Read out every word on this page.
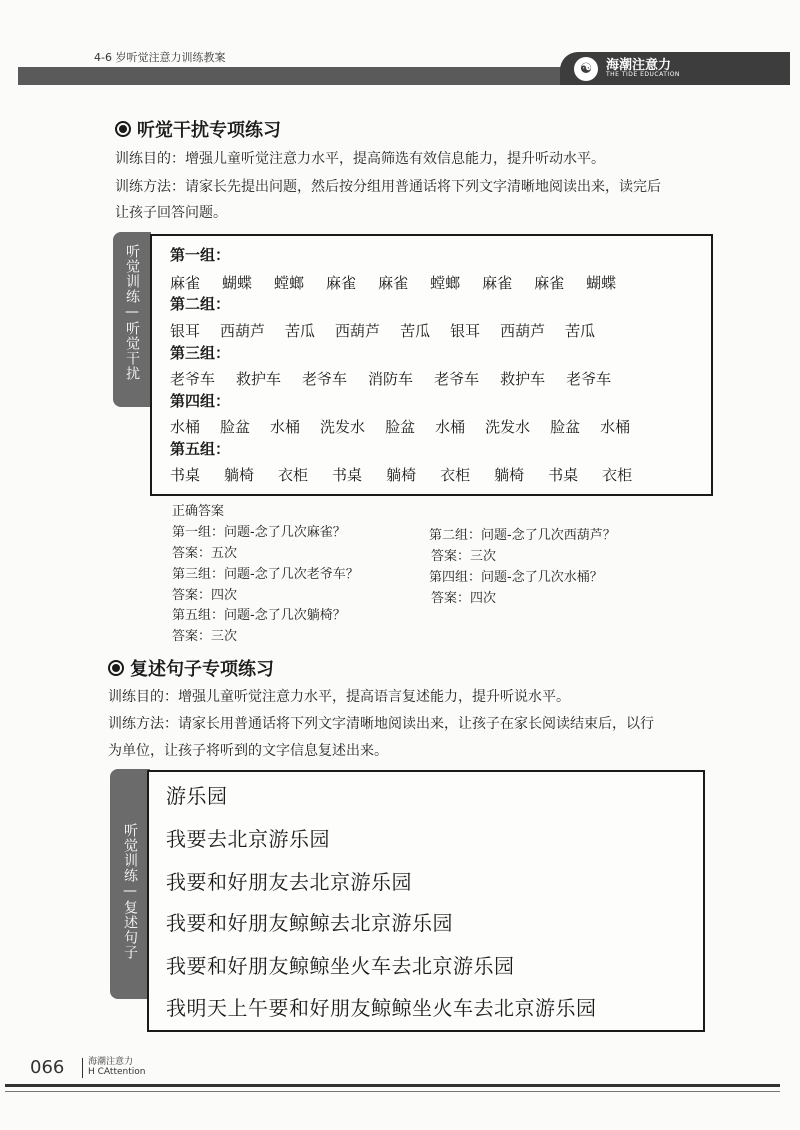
4-6 岁听觉注意力训练教案
☯	海潮注意力
THE TIDE EDUCATION
听觉干扰专项练习
训练目的：增强儿童听觉注意力水平，提高筛选有效信息能力，提升听动水平。
训练方法：请家长先提出问题，然后按分组用普通话将下列文字清晰地阅读出来，读完后
让孩子回答问题。
听觉训练—听觉干扰 第一组：
麻雀 蝴蝶 螳螂 麻雀 麻雀 螳螂 麻雀 麻雀 蝴蝶
第二组：
银耳 西葫芦 苦瓜 西葫芦 苦瓜 银耳 西葫芦 苦瓜
第三组：
老爷车 救护车 老爷车 消防车 老爷车 救护车 老爷车
第四组：
水桶 脸盆 水桶 洗发水 脸盆 水桶 洗发水 脸盆 水桶
第五组：
书桌 躺椅 衣柜 书桌 躺椅 衣柜 躺椅 书桌 衣柜
正确答案
第一组：问题-念了几次麻雀？
答案：五次
第三组：问题-念了几次老爷车？
答案：四次
第五组：问题-念了几次躺椅？
答案：三次
第二组：问题-念了几次西葫芦？
答案：三次
第四组：问题-念了几次水桶？
答案：四次
复述句子专项练习
训练目的：增强儿童听觉注意力水平，提高语言复述能力，提升听说水平。
训练方法：请家长用普通话将下列文字清晰地阅读出来，让孩子在家长阅读结束后，以行
为单位，让孩子将听到的文字信息复述出来。
听觉训练—复述句子
游乐园
我要去北京游乐园
我要和好朋友去北京游乐园
我要和好朋友鲸鲸去北京游乐园
我要和好朋友鲸鲸坐火车去北京游乐园
我明天上午要和好朋友鲸鲸坐火车去北京游乐园
066	海潮注意力
H CAttention
